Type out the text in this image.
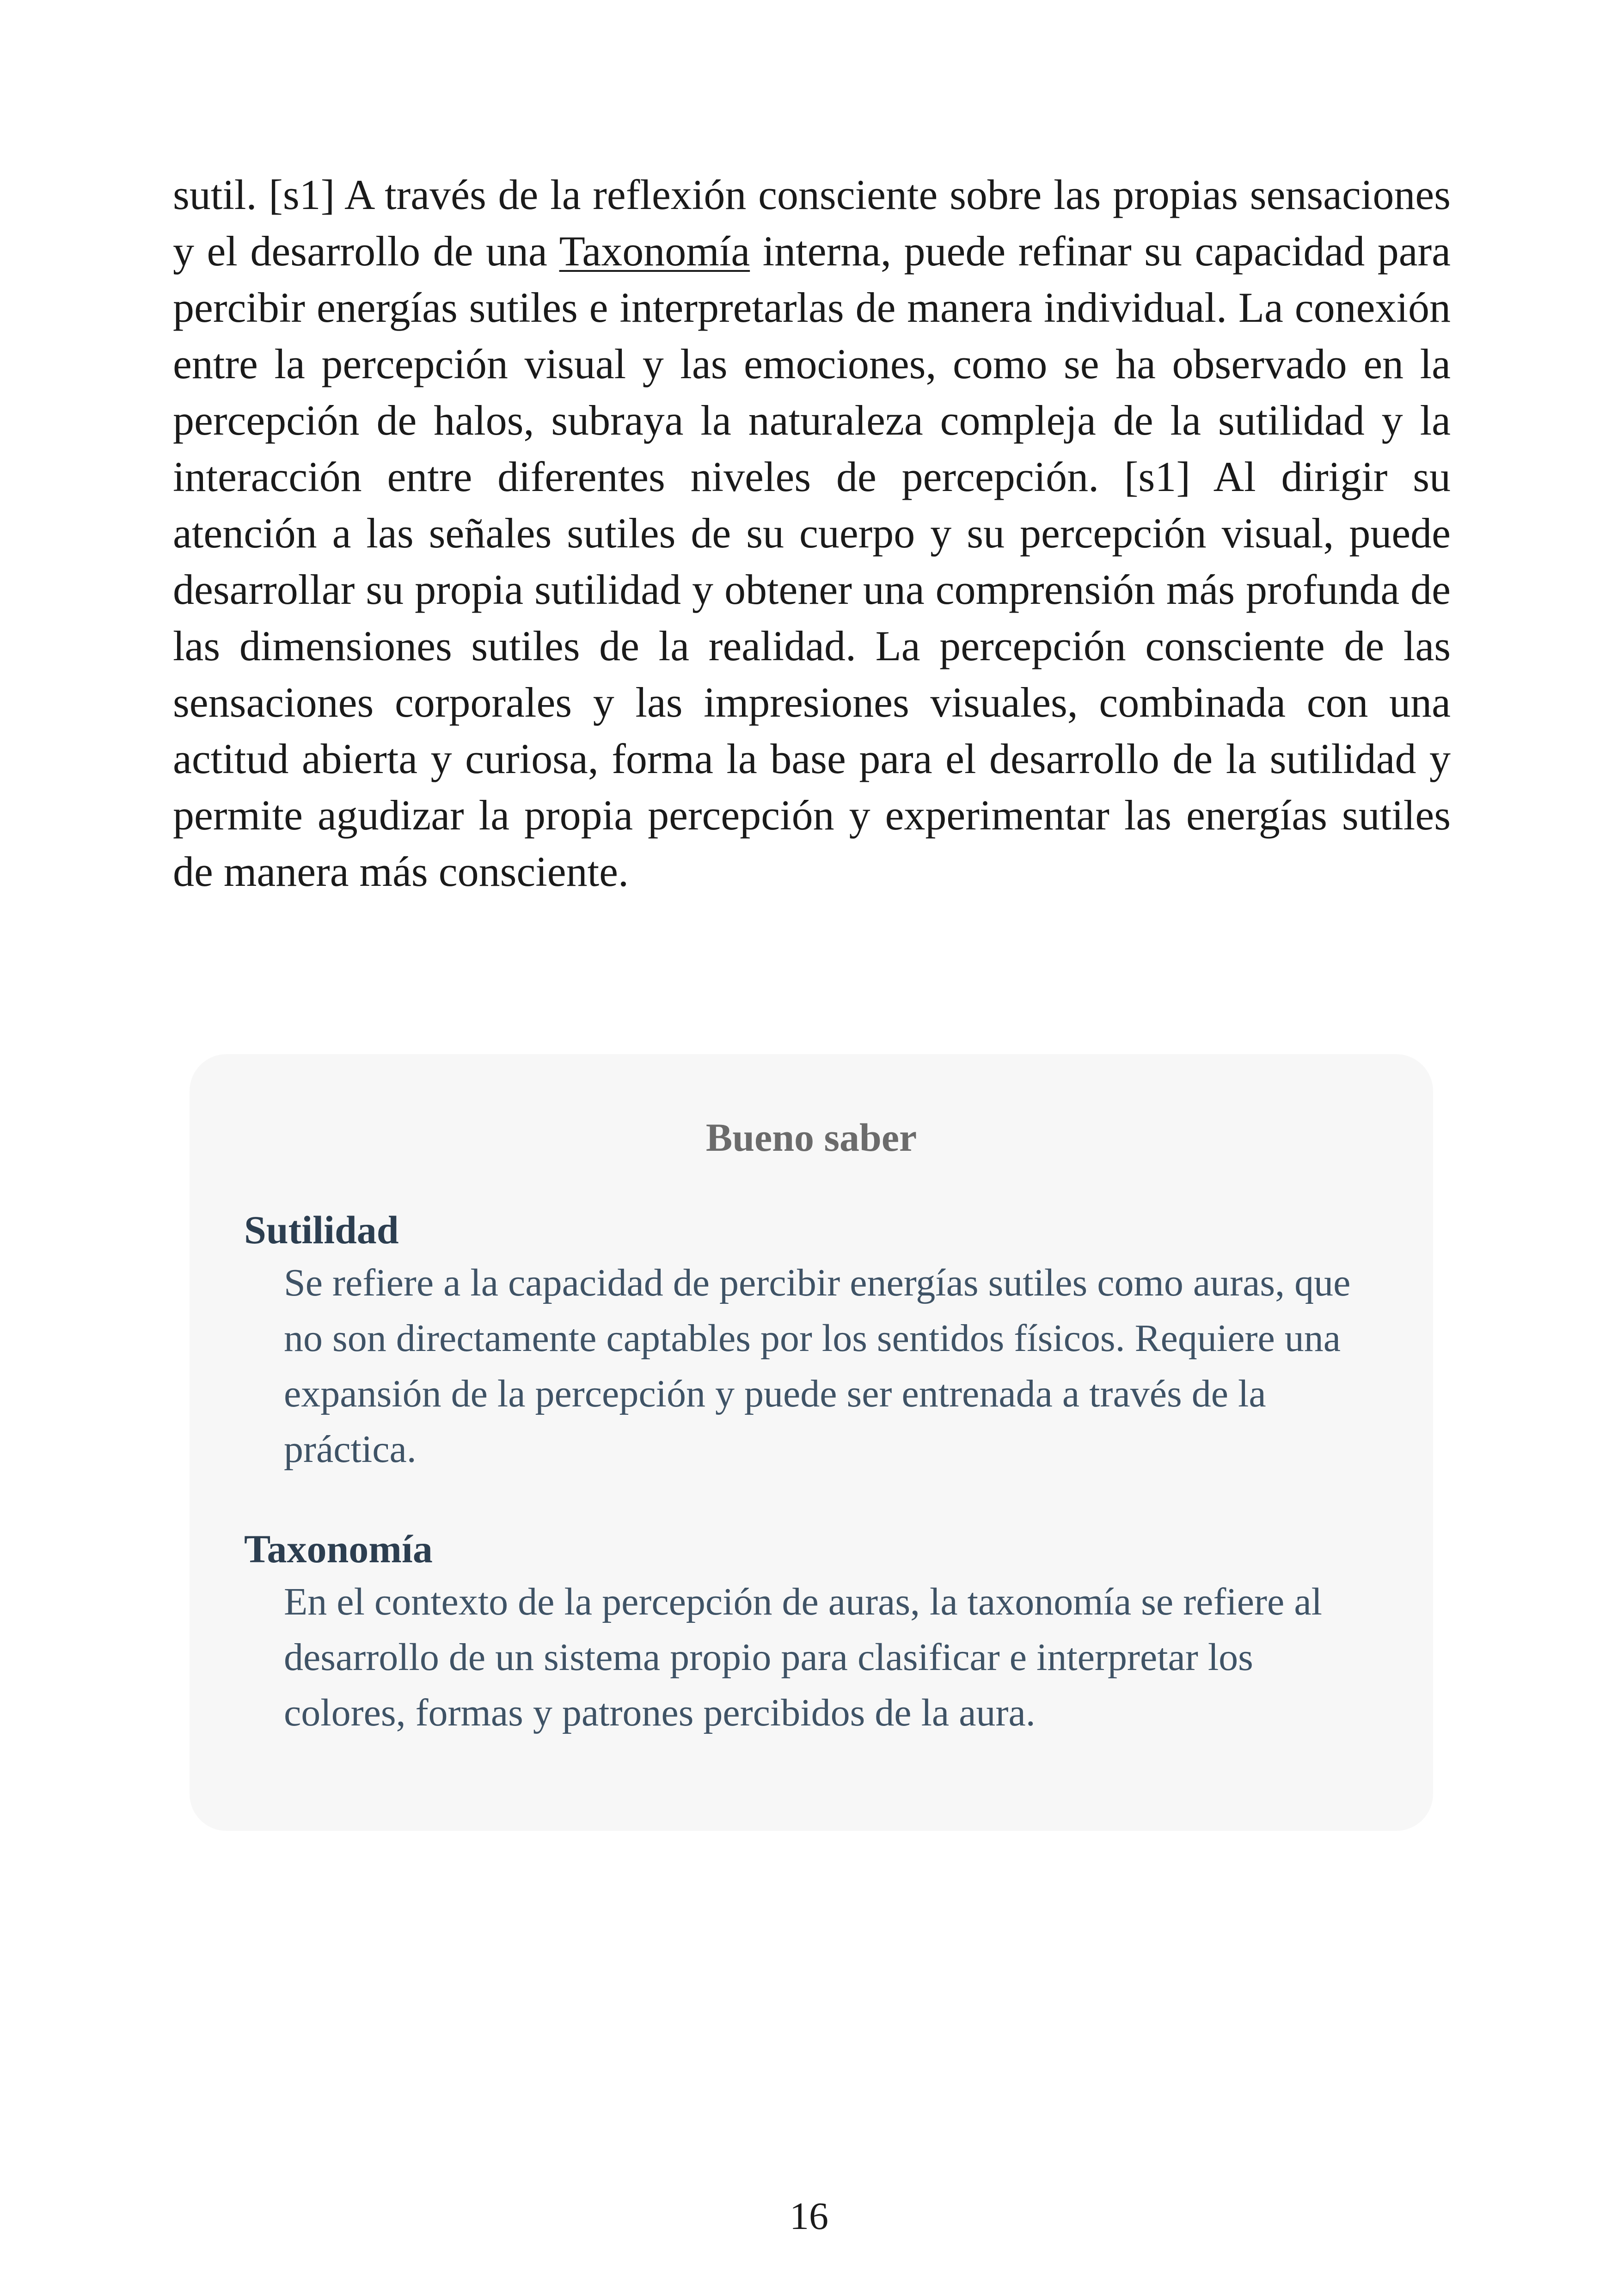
sutil. [s1] A través de la reflexión consciente sobre las propias sensaciones y el desarrollo de una Taxonomía interna, puede refinar su capacidad para percibir energías sutiles e interpretarlas de manera individual. La conexión entre la percepción visual y las emociones, como se ha observado en la percepción de halos, subraya la naturaleza compleja de la sutilidad y la interacción entre diferentes niveles de percepción. [s1] Al dirigir su atención a las señales sutiles de su cuerpo y su percepción visual, puede desarrollar su propia sutilidad y obtener una comprensión más profunda de las dimensiones sutiles de la realidad. La percepción consciente de las sensaciones corporales y las impresiones visuales, combinada con una actitud abierta y curiosa, forma la base para el desarrollo de la sutilidad y permite agudizar la propia percepción y experimentar las energías sutiles de manera más consciente.

Bueno saber

Sutilidad

Se refiere a la capacidad de percibir energías sutiles como auras, que no son directamente captables por los sentidos físicos. Requiere una expansión de la percepción y puede ser entrenada a través de la práctica.

Taxonomía

En el contexto de la percepción de auras, la taxonomía se refiere al desarrollo de un sistema propio para clasificar e interpretar los colores, formas y patrones percibidos de la aura.

16
